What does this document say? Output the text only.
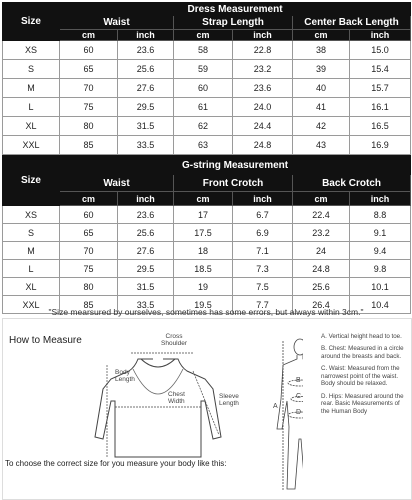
Size	Dress Measurement					
	Waist		Strap Length		Center Back Length	
	cm	inch	cm	inch	cm	inch
XS	60	23.6	58	22.8	38	15.0
S	65	25.6	59	23.2	39	15.4
M	70	27.6	60	23.6	40	15.7
L	75	29.5	61	24.0	41	16.1
XL	80	31.5	62	24.4	42	16.5
XXL	85	33.5	63	24.8	43	16.9
Size	G-string Measurement					
	Waist		Front Crotch		Back Crotch	
	cm	inch	cm	inch	cm	inch
XS	60	23.6	17	6.7	22.4	8.8
S	65	25.6	17.5	6.9	23.2	9.1
M	70	27.6	18	7.1	24	9.4
L	75	29.5	18.5	7.3	24.8	9.8
XL	80	31.5	19	7.5	25.6	10.1
XXL	85	33.5	19.5	7.7	26.4	10.4
"Size mearsured by ourselves, sometimes has some errors, but always within 3cm."
How to Measure	Cross
Shoulder
Body
Length
Chest
Width
Sleeve
Length	A
B
C
D
To choose the correct size for you measure your body like this:
A. Vertical height head to toe.
B. Chest: Measured in a circle around the breasts and back.
C. Waist: Measured from the narrowest point of the waist. Body should be relaxed.
D. Hips: Measured around the rear. Basic Measurements of the Human Body
